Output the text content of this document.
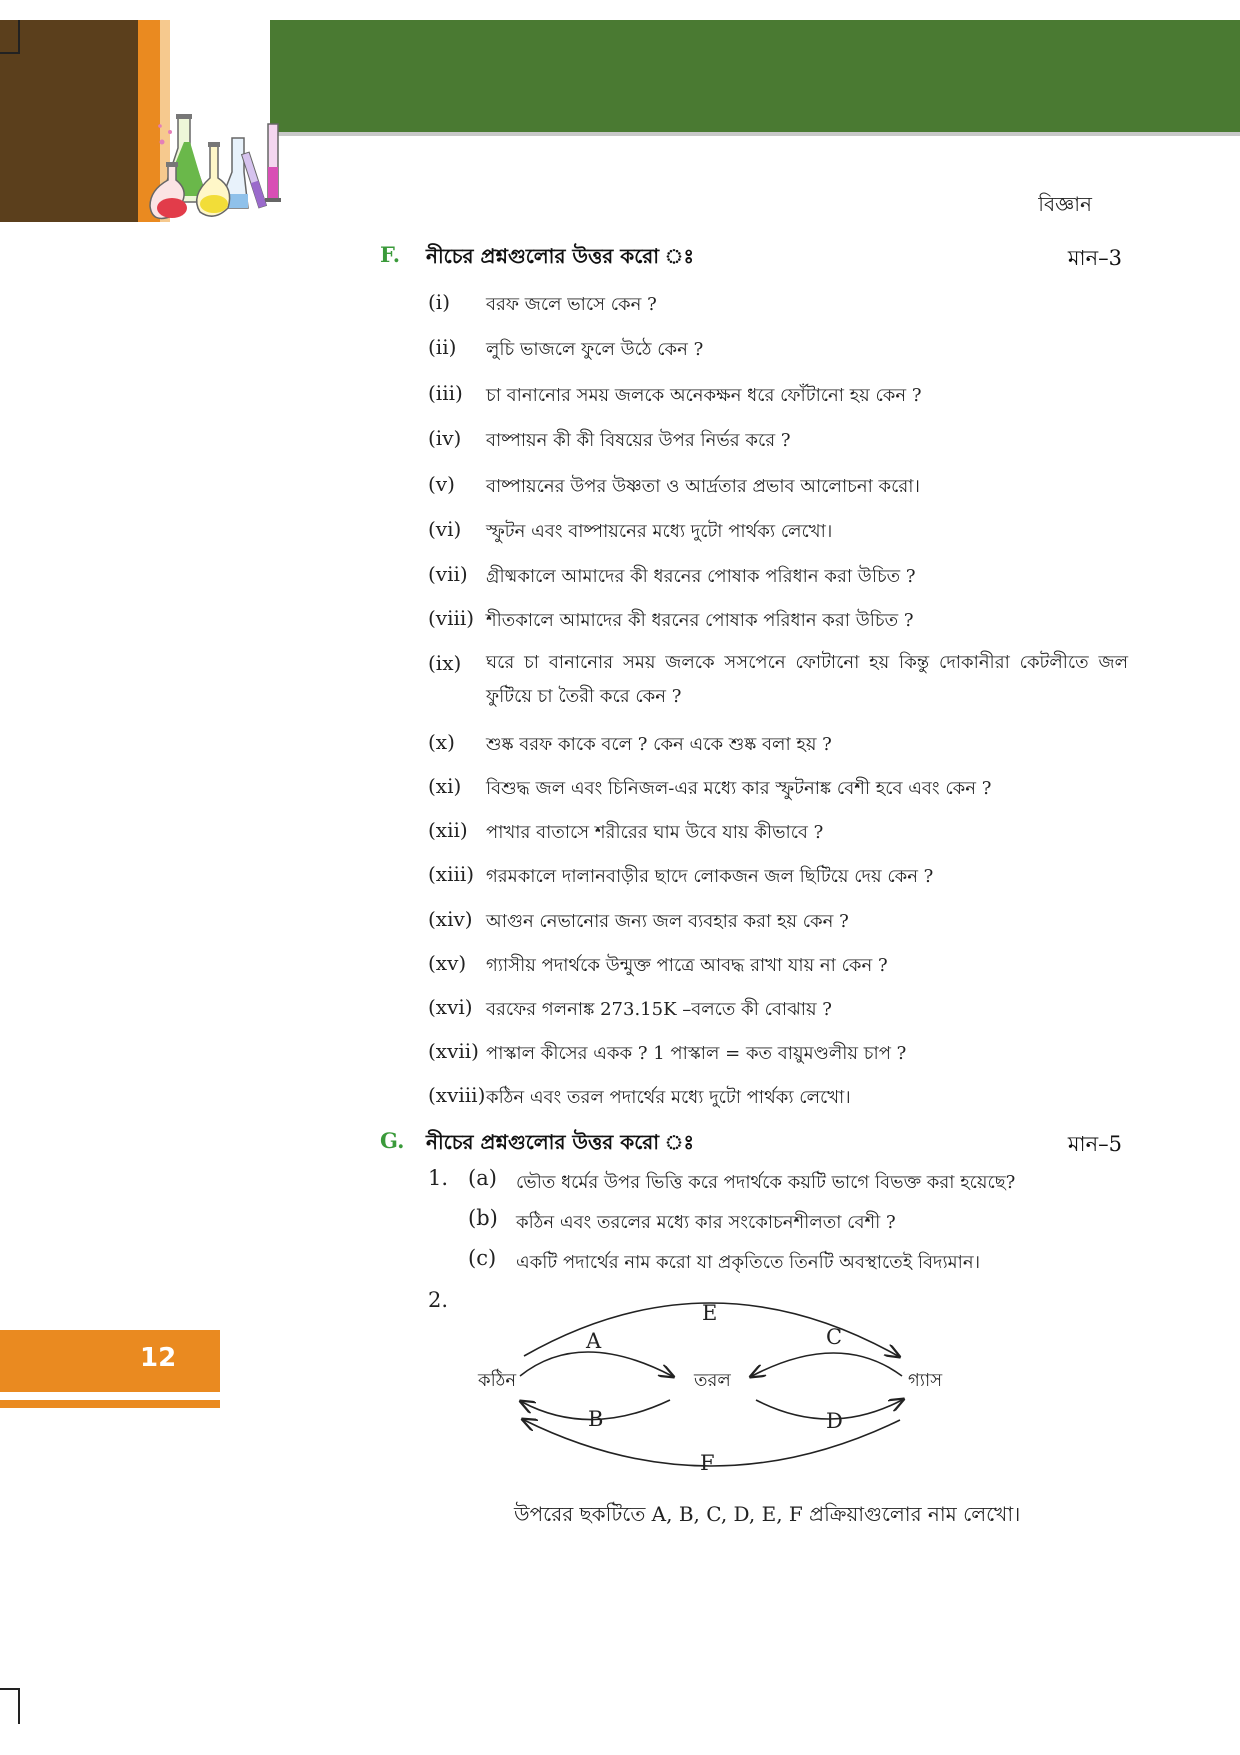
বিজ্ঞান
F. নীচের প্রশ্নগুলোর উত্তর করো ঃ	মান–3
(i) বরফ জলে ভাসে কেন ?
(ii) লুচি ভাজলে ফুলে উঠে কেন ?
(iii) চা বানানোর সময় জলকে অনেকক্ষন ধরে ফোঁটানো হয় কেন ?
(iv) বাষ্পায়ন কী কী বিষয়ের উপর নির্ভর করে ?
(v) বাষ্পায়নের উপর উষ্ণতা ও আর্দ্রতার প্রভাব আলোচনা করো।
(vi) স্ফুটন এবং বাষ্পায়নের মধ্যে দুটো পার্থক্য লেখো।
(vii) গ্রীষ্মকালে আমাদের কী ধরনের পোষাক পরিধান করা উচিত ?
(viii) শীতকালে আমাদের কী ধরনের পোষাক পরিধান করা উচিত ?
(ix) ঘরে চা বানানোর সময় জলকে সসপেনে ফোটানো হয় কিন্তু দোকানীরা কেটলীতে জল ফুটিয়ে চা তৈরী করে কেন ?
(x) শুষ্ক বরফ কাকে বলে ? কেন একে শুষ্ক বলা হয় ?
(xi) বিশুদ্ধ জল এবং চিনিজল-এর মধ্যে কার স্ফুটনাঙ্ক বেশী হবে এবং কেন ?
(xii) পাখার বাতাসে শরীরের ঘাম উবে যায় কীভাবে ?
(xiii) গরমকালে দালানবাড়ীর ছাদে লোকজন জল ছিটিয়ে দেয় কেন ?
(xiv) আগুন নেভানোর জন্য জল ব্যবহার করা হয় কেন ?
(xv) গ্যাসীয় পদার্থকে উন্মুক্ত পাত্রে আবদ্ধ রাখা যায় না কেন ?
(xvi) বরফের গলনাঙ্ক 273.15K –বলতে কী বোঝায় ?
(xvii) পাস্কাল কীসের একক ? 1 পাস্কাল = কত বায়ুমণ্ডলীয় চাপ ?
(xviii) কঠিন এবং তরল পদার্থের মধ্যে দুটো পার্থক্য লেখো।
G. নীচের প্রশ্নগুলোর উত্তর করো ঃ	মান–5
1. (a) ভৌত ধর্মের উপর ভিত্তি করে পদার্থকে কয়টি ভাগে বিভক্ত করা হয়েছে?
(b) কঠিন এবং তরলের মধ্যে কার সংকোচনশীলতা বেশী ?
(c) একটি পদার্থের নাম করো যা প্রকৃতিতে তিনটি অবস্থাতেই বিদ্যমান।
2.
কঠিন	তরল	গ্যাস
A
B
C
D
E
F
উপরের ছকটিতে A, B, C, D, E, F প্রক্রিয়াগুলোর নাম লেখো।
12
